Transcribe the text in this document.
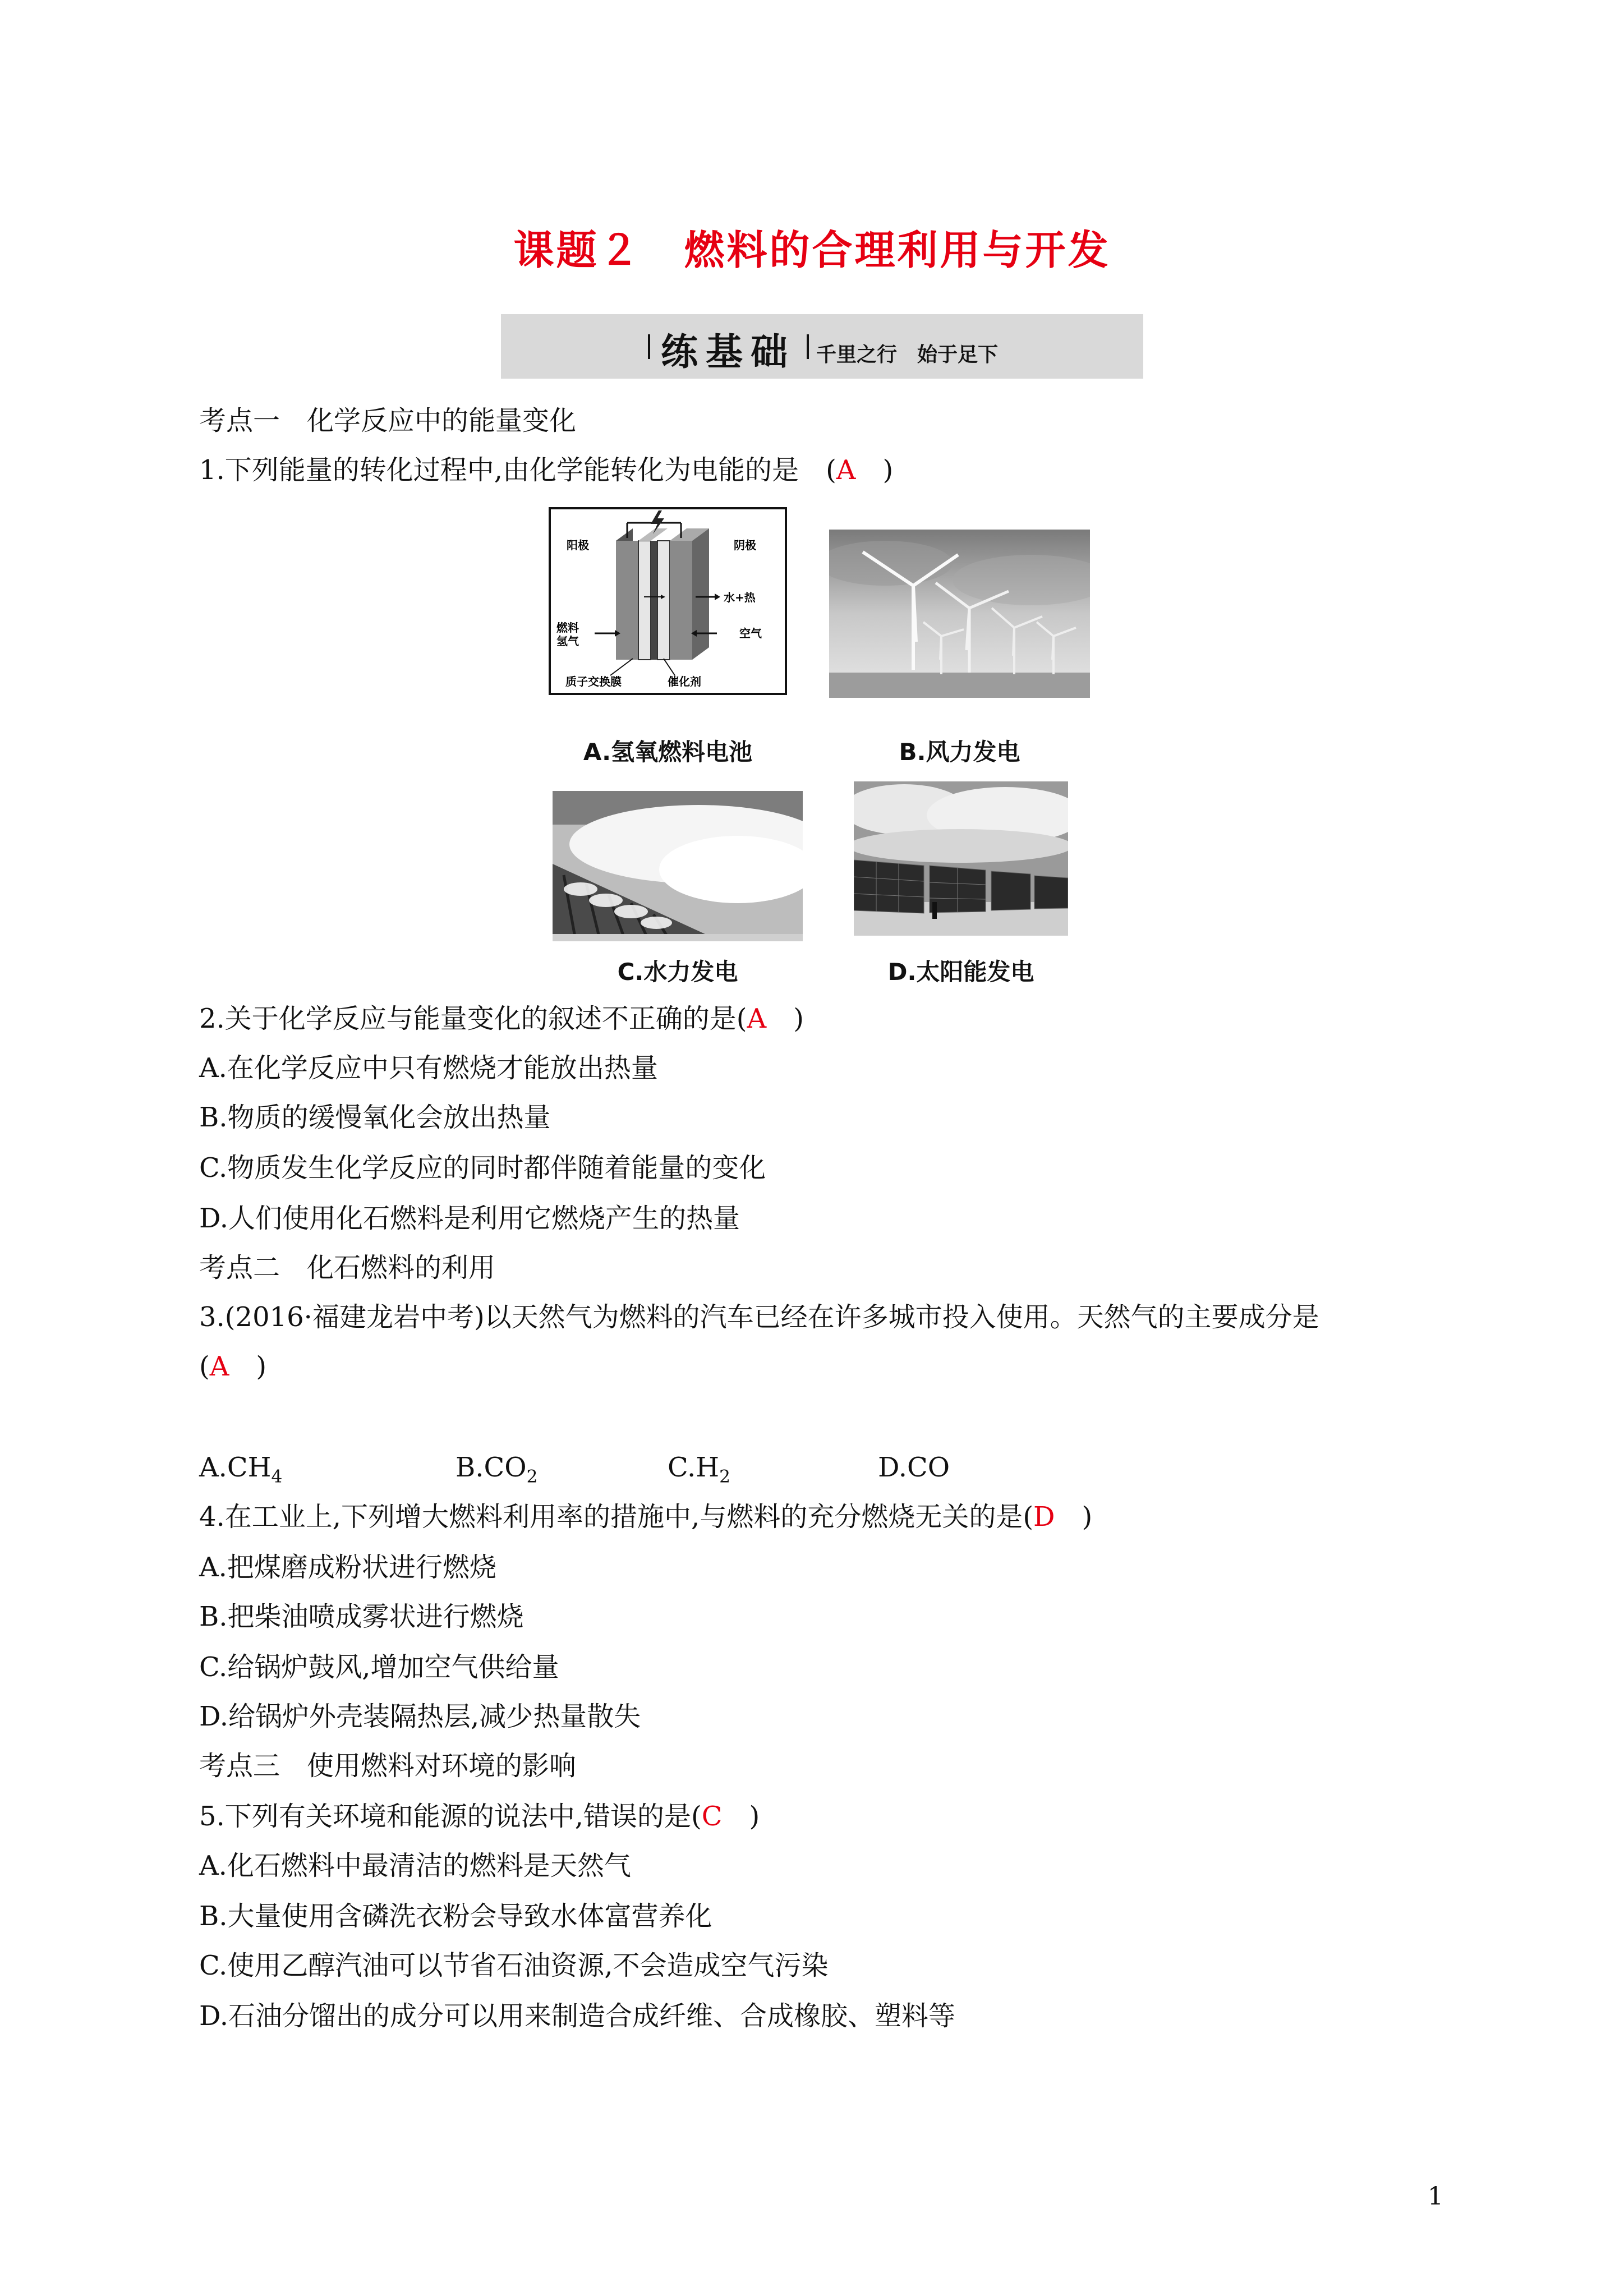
课题２　燃料的合理利用与开发
练基础 千里之行　始于足下
考点一　化学反应中的能量变化
1.下列能量的转化过程中,由化学能转化为电能的是　(A　)
阳极	阴极
水+热
空气
燃料
氢气
质子交换膜	催化剂
A.氢氧燃料电池	B.风力发电
C.水力发电	D.太阳能发电
2.关于化学反应与能量变化的叙述不正确的是(A　)
A.在化学反应中只有燃烧才能放出热量
B.物质的缓慢氧化会放出热量
C.物质发生化学反应的同时都伴随着能量的变化
D.人们使用化石燃料是利用它燃烧产生的热量
考点二　化石燃料的利用
3.(2016·福建龙岩中考)以天然气为燃料的汽车已经在许多城市投入使用。天然气的主要成分是
(A　)
$A.CH_4$	$B.CO_2$	$C.H_2$	D.CO
4.在工业上,下列增大燃料利用率的措施中,与燃料的充分燃烧无关的是(D　)
A.把煤磨成粉状进行燃烧
B.把柴油喷成雾状进行燃烧
C.给锅炉鼓风,增加空气供给量
D.给锅炉外壳装隔热层,减少热量散失
考点三　使用燃料对环境的影响
5.下列有关环境和能源的说法中,错误的是(C　)
A.化石燃料中最清洁的燃料是天然气
B.大量使用含磷洗衣粉会导致水体富营养化
C.使用乙醇汽油可以节省石油资源,不会造成空气污染
D.石油分馏出的成分可以用来制造合成纤维、合成橡胶、塑料等
1
